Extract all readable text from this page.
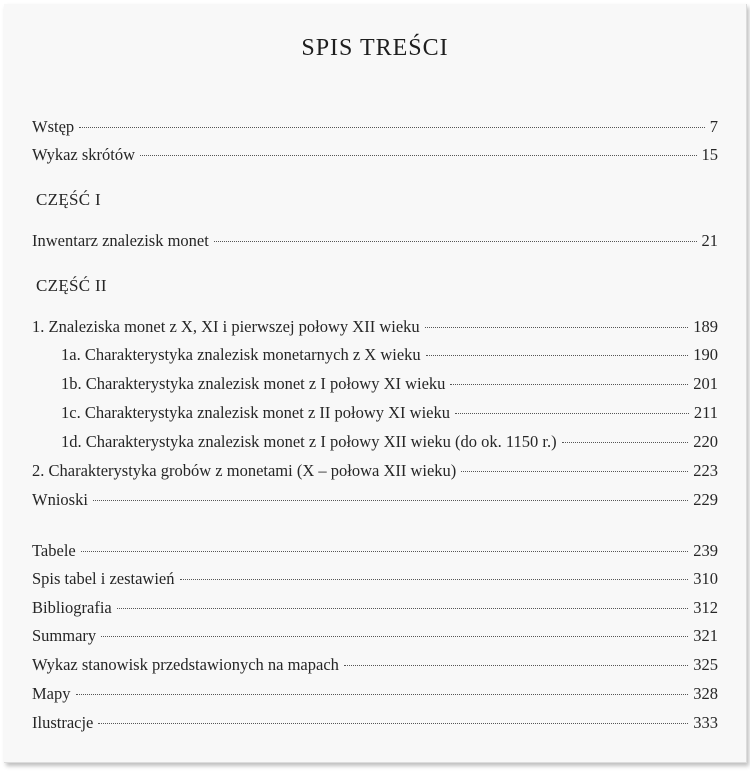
SPIS TREŚCI
Wstęp	7
Wykaz skrótów	15
CZĘŚĆ I
Inwentarz znalezisk monet	21
CZĘŚĆ II
1. Znaleziska monet z X, XI i pierwszej połowy XII wieku	189
1a. Charakterystyka znalezisk monetarnych z X wieku	190
1b. Charakterystyka znalezisk monet z I połowy XI wieku	201
1c. Charakterystyka znalezisk monet z II połowy XI wieku	211
1d. Charakterystyka znalezisk monet z I połowy XII wieku (do ok. 1150 r.)	220
2. Charakterystyka grobów z monetami (X – połowa XII wieku)	223
Wnioski	229
Tabele	239
Spis tabel i zestawień	310
Bibliografia	312
Summary	321
Wykaz stanowisk przedstawionych na mapach	325
Mapy	328
Ilustracje	333
